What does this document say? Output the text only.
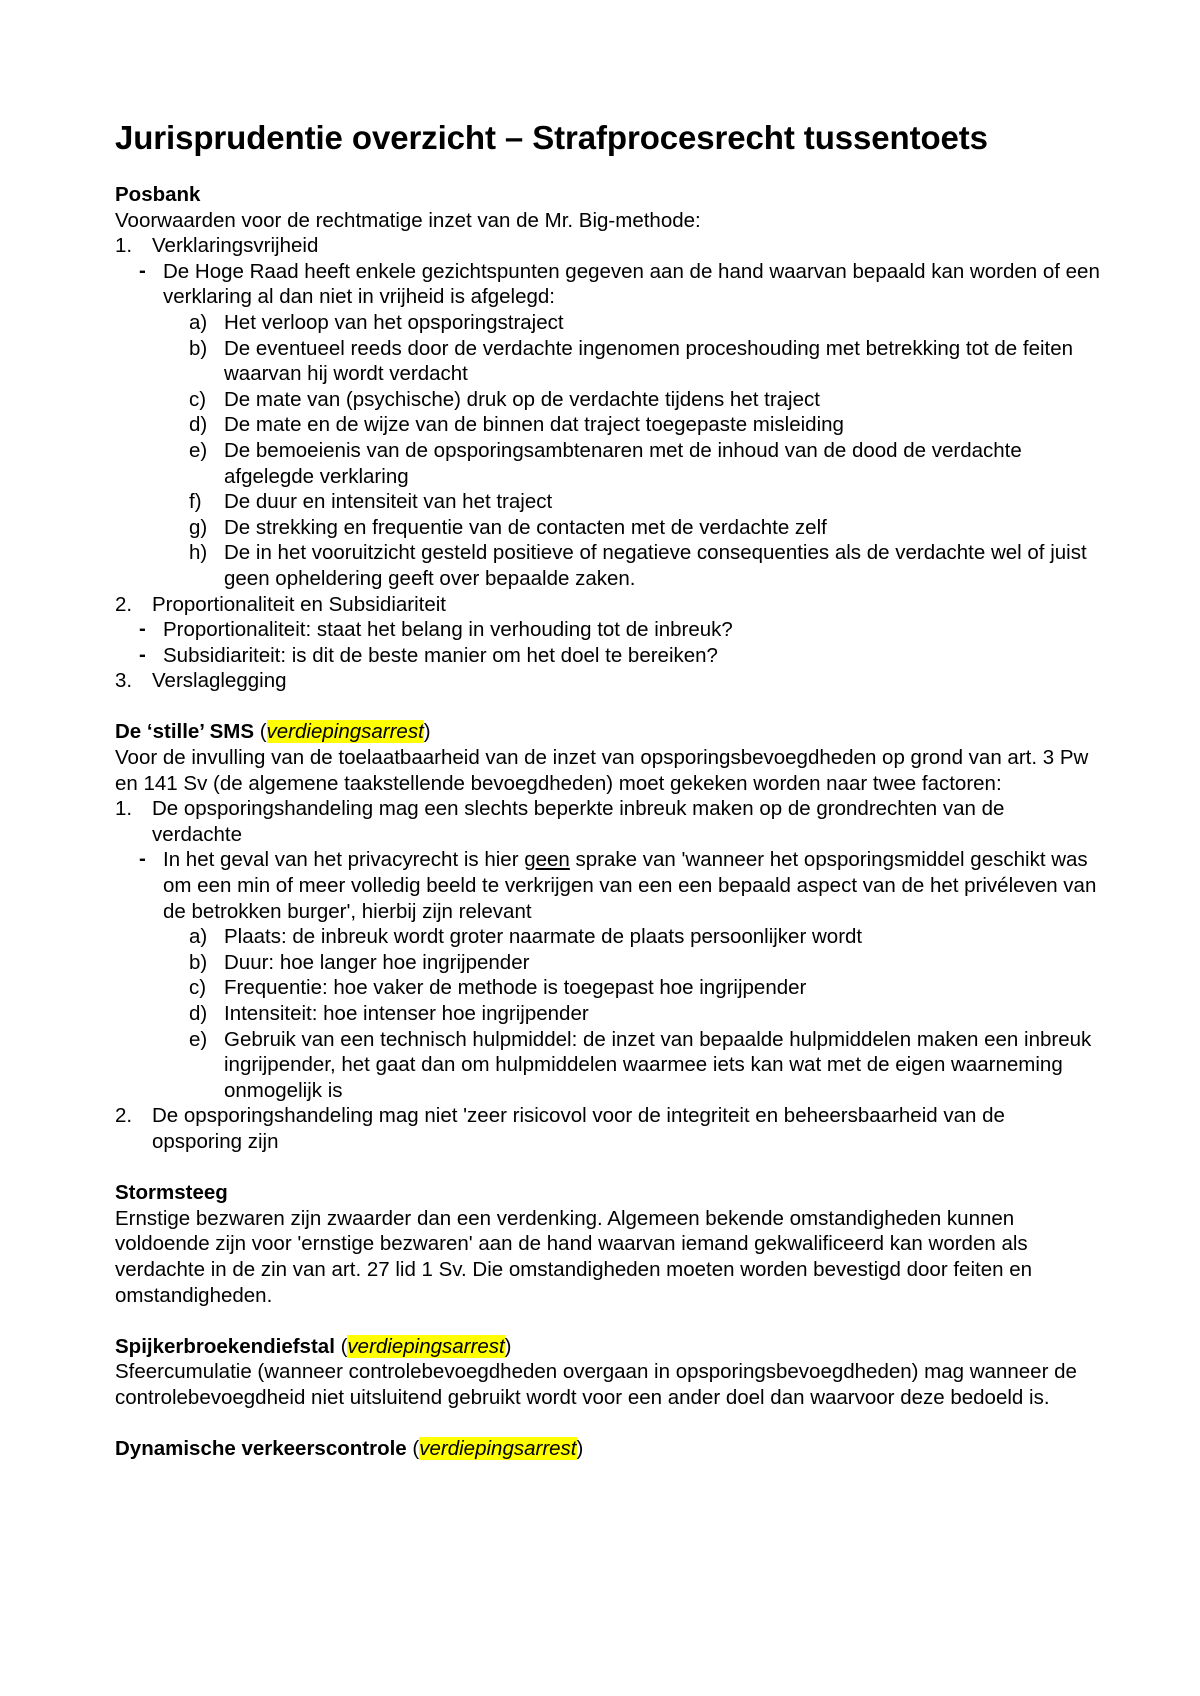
Jurisprudentie overzicht – Strafprocesrecht tussentoets
Posbank
Voorwaarden voor de rechtmatige inzet van de Mr. Big-methode:
1. Verklaringsvrijheid
- De Hoge Raad heeft enkele gezichtspunten gegeven aan de hand waarvan bepaald kan worden of een verklaring al dan niet in vrijheid is afgelegd:
a) Het verloop van het opsporingstraject
b) De eventueel reeds door de verdachte ingenomen proceshouding met betrekking tot de feiten waarvan hij wordt verdacht
c) De mate van (psychische) druk op de verdachte tijdens het traject
d) De mate en de wijze van de binnen dat traject toegepaste misleiding
e) De bemoeienis van de opsporingsambtenaren met de inhoud van de dood de verdachte afgelegde verklaring
f) De duur en intensiteit van het traject
g) De strekking en frequentie van de contacten met de verdachte zelf
h) De in het vooruitzicht gesteld positieve of negatieve consequenties als de verdachte wel of juist geen opheldering geeft over bepaalde zaken.
2. Proportionaliteit en Subsidiariteit
- Proportionaliteit: staat het belang in verhouding tot de inbreuk?
- Subsidiariteit: is dit de beste manier om het doel te bereiken?
3. Verslaglegging
De ‘stille’ SMS (verdiepingsarrest)
Voor de invulling van de toelaatbaarheid van de inzet van opsporingsbevoegdheden op grond van art. 3 Pw en 141 Sv (de algemene taakstellende bevoegdheden) moet gekeken worden naar twee factoren:
1. De opsporingshandeling mag een slechts beperkte inbreuk maken op de grondrechten van de verdachte
- In het geval van het privacyrecht is hier geen sprake van 'wanneer het opsporingsmiddel geschikt was om een min of meer volledig beeld te verkrijgen van een een bepaald aspect van de het privéleven van de betrokken burger', hierbij zijn relevant
a) Plaats: de inbreuk wordt groter naarmate de plaats persoonlijker wordt
b) Duur: hoe langer hoe ingrijpender
c) Frequentie: hoe vaker de methode is toegepast hoe ingrijpender
d) Intensiteit: hoe intenser hoe ingrijpender
e) Gebruik van een technisch hulpmiddel: de inzet van bepaalde hulpmiddelen maken een inbreuk ingrijpender, het gaat dan om hulpmiddelen waarmee iets kan wat met de eigen waarneming onmogelijk is
2. De opsporingshandeling mag niet 'zeer risicovol voor de integriteit en beheersbaarheid van de opsporing zijn
Stormsteeg
Ernstige bezwaren zijn zwaarder dan een verdenking. Algemeen bekende omstandigheden kunnen voldoende zijn voor 'ernstige bezwaren' aan de hand waarvan iemand gekwalificeerd kan worden als verdachte in de zin van art. 27 lid 1 Sv. Die omstandigheden moeten worden bevestigd door feiten en omstandigheden.
Spijkerbroekendiefstal (verdiepingsarrest)
Sfeercumulatie (wanneer controlebevoegdheden overgaan in opsporingsbevoegdheden) mag wanneer de controlebevoegdheid niet uitsluitend gebruikt wordt voor een ander doel dan waarvoor deze bedoeld is.
Dynamische verkeerscontrole (verdiepingsarrest)
